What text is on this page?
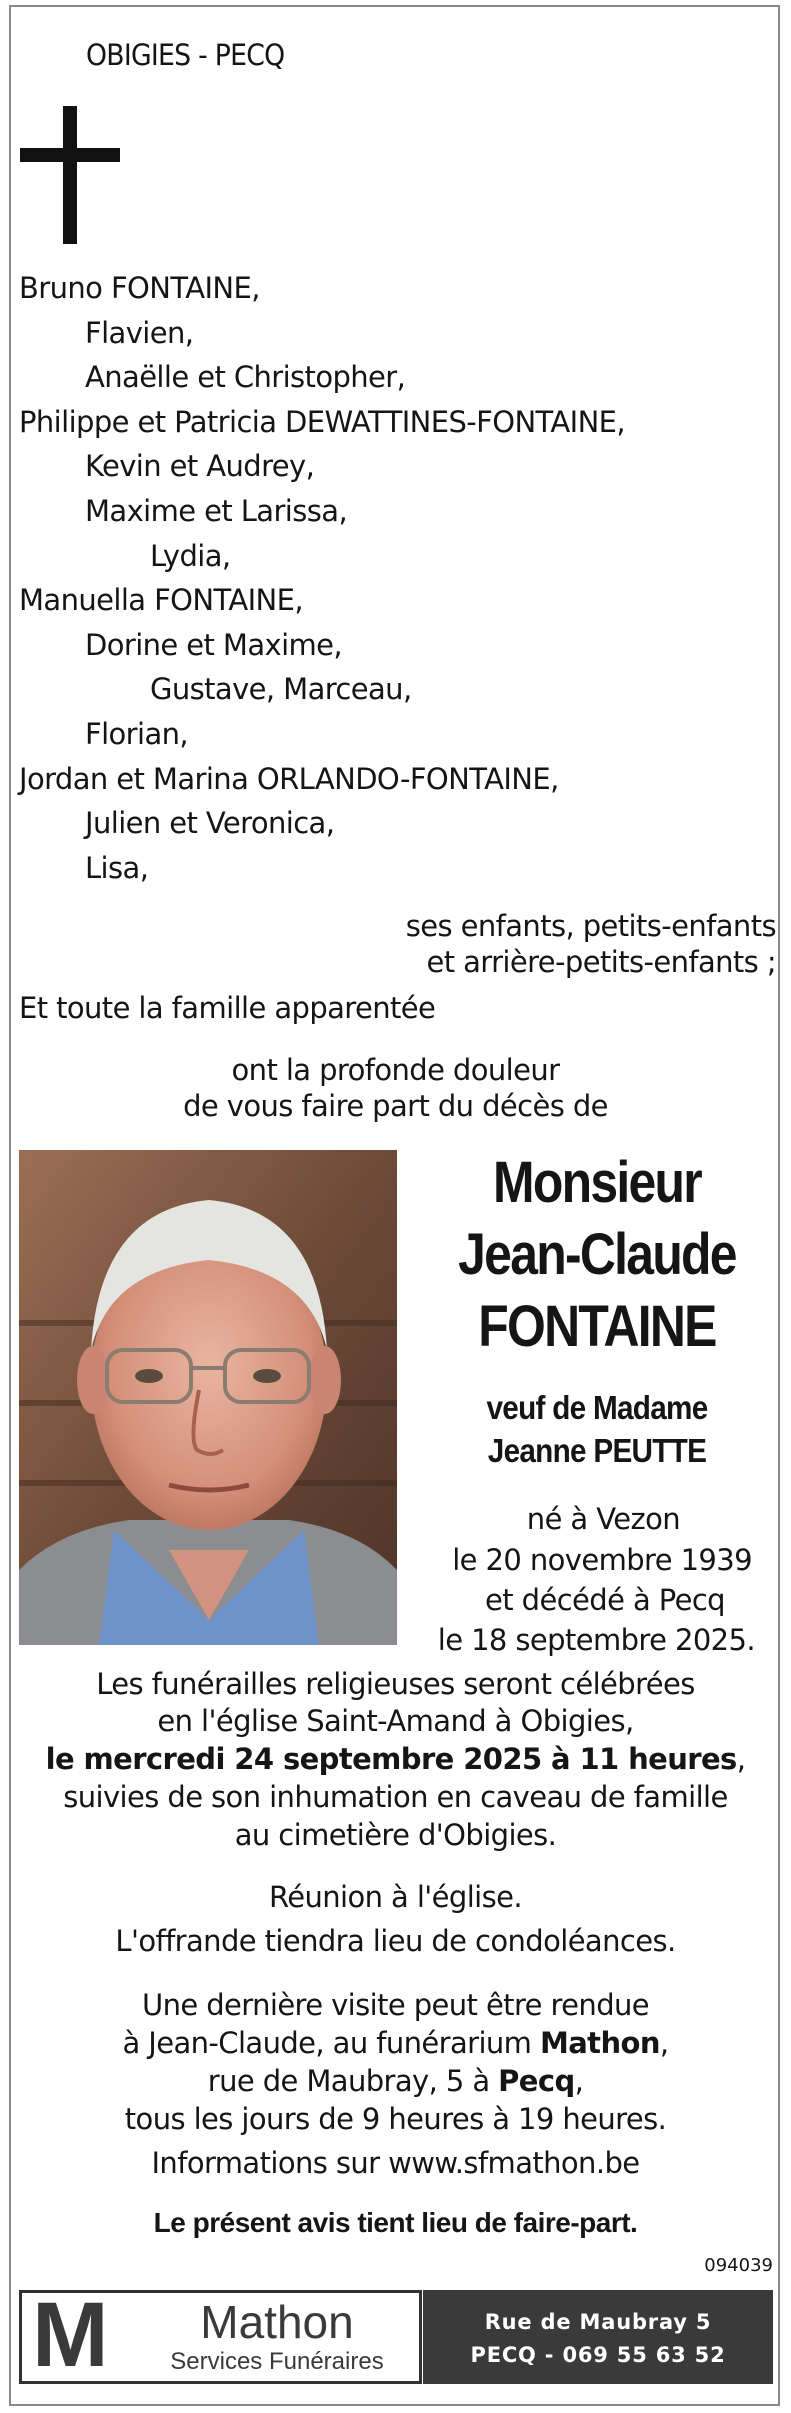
OBIGIES - PECQ
Bruno FONTAINE,
Flavien,
Anaëlle et Christopher,
Philippe et Patricia DEWATTINES-FONTAINE,
Kevin et Audrey,
Maxime et Larissa,
Lydia,
Manuella FONTAINE,
Dorine et Maxime,
Gustave, Marceau,
Florian,
Jordan et Marina ORLANDO-FONTAINE,
Julien et Veronica,
Lisa,
ses enfants, petits-enfants
et arrière-petits-enfants ;
Et toute la famille apparentée
ont la profonde douleur
de vous faire part du décès de
Monsieur
Jean-Claude
FONTAINE
veuf de Madame
Jeanne PEUTTE
né à Vezon
le 20 novembre 1939
et décédé à Pecq
le 18 septembre 2025.
Les funérailles religieuses seront célébrées
en l'église Saint-Amand à Obigies,
le mercredi 24 septembre 2025 à 11 heures,
suivies de son inhumation en caveau de famille
au cimetière d'Obigies.
Réunion à l'église.
L'offrande tiendra lieu de condoléances.
Une dernière visite peut être rendue
à Jean-Claude, au funérarium Mathon,
rue de Maubray, 5 à Pecq,
tous les jours de 9 heures à 19 heures.
Informations sur www.sfmathon.be
Le présent avis tient lieu de faire-part.
094039
M	Mathon
Services Funéraires
Rue de Maubray 5
PECQ - 069 55 63 52
